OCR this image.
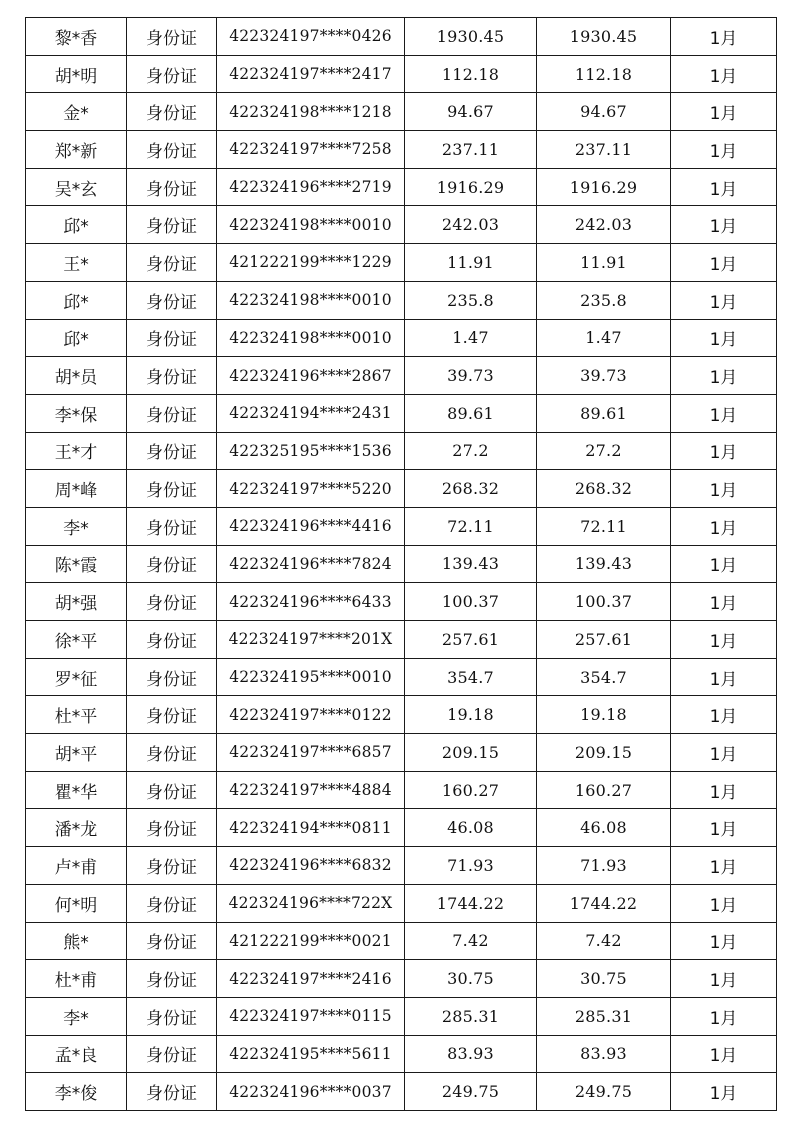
黎*香	身份证	422324197****0426	1930.45	1930.45	1月
胡*明	身份证	422324197****2417	112.18	112.18	1月
金*	身份证	422324198****1218	94.67	94.67	1月
郑*新	身份证	422324197****7258	237.11	237.11	1月
吴*玄	身份证	422324196****2719	1916.29	1916.29	1月
邱*	身份证	422324198****0010	242.03	242.03	1月
王*	身份证	421222199****1229	11.91	11.91	1月
邱*	身份证	422324198****0010	235.8	235.8	1月
邱*	身份证	422324198****0010	1.47	1.47	1月
胡*员	身份证	422324196****2867	39.73	39.73	1月
李*保	身份证	422324194****2431	89.61	89.61	1月
王*才	身份证	422325195****1536	27.2	27.2	1月
周*峰	身份证	422324197****5220	268.32	268.32	1月
李*	身份证	422324196****4416	72.11	72.11	1月
陈*霞	身份证	422324196****7824	139.43	139.43	1月
胡*强	身份证	422324196****6433	100.37	100.37	1月
徐*平	身份证	422324197****201X	257.61	257.61	1月
罗*征	身份证	422324195****0010	354.7	354.7	1月
杜*平	身份证	422324197****0122	19.18	19.18	1月
胡*平	身份证	422324197****6857	209.15	209.15	1月
瞿*华	身份证	422324197****4884	160.27	160.27	1月
潘*龙	身份证	422324194****0811	46.08	46.08	1月
卢*甫	身份证	422324196****6832	71.93	71.93	1月
何*明	身份证	422324196****722X	1744.22	1744.22	1月
熊*	身份证	421222199****0021	7.42	7.42	1月
杜*甫	身份证	422324197****2416	30.75	30.75	1月
李*	身份证	422324197****0115	285.31	285.31	1月
孟*良	身份证	422324195****5611	83.93	83.93	1月
李*俊	身份证	422324196****0037	249.75	249.75	1月
